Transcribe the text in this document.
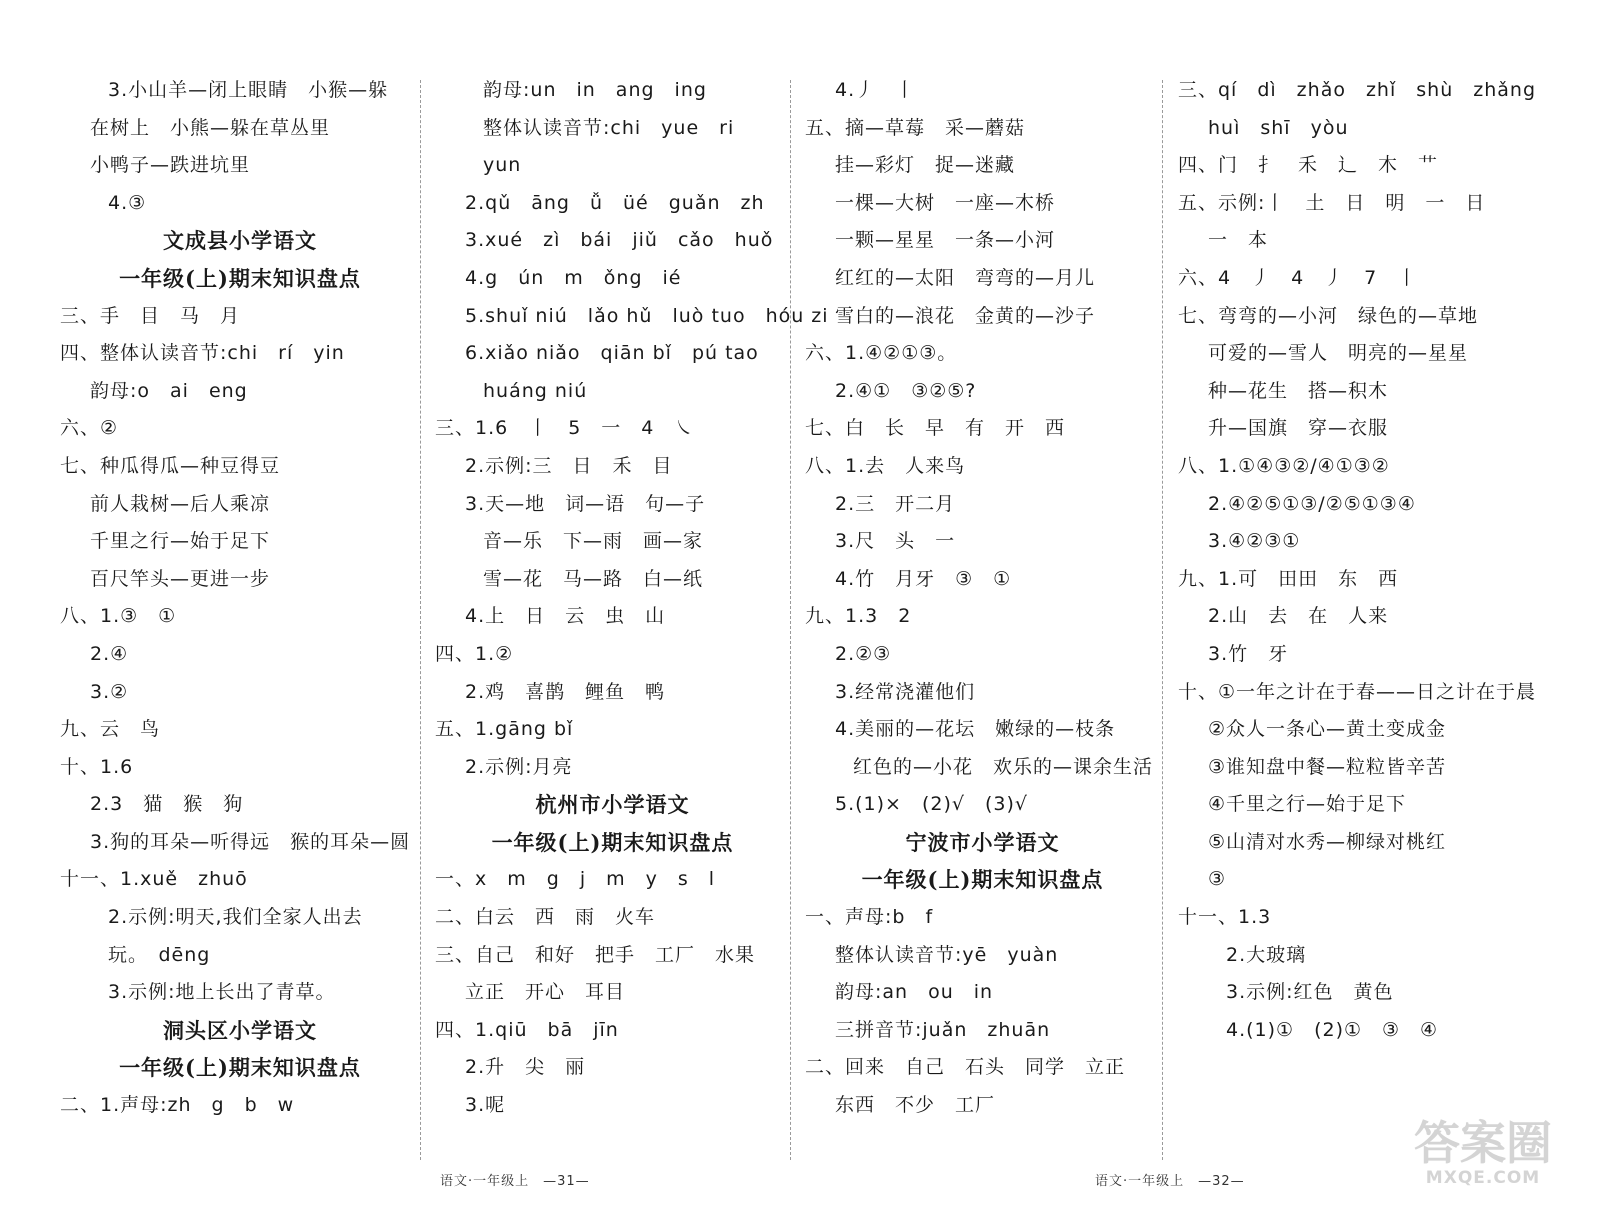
3.小山羊—闭上眼睛　小猴—躲
在树上　小熊—躲在草丛里
小鸭子—跌进坑里
4.③
文成县小学语文
一年级(上)期末知识盘点
三、手　目　马　月
四、整体认读音节:chi　rí　yin
韵母:o　ai　eng
六、②
七、种瓜得瓜—种豆得豆
前人栽树—后人乘凉
千里之行—始于足下
百尺竿头—更进一步
八、1.③　①
2.④
3.②
九、云　鸟
十、1.6
2.3　猫　猴　狗
3.狗的耳朵—听得远　猴的耳朵—圆
十一、1.xuě　zhuō
2.示例:明天,我们全家人出去
玩。　dēng
3.示例:地上长出了青草。
洞头区小学语文
一年级(上)期末知识盘点
二、1.声母:zh　g　b　w
韵母:un　in　ang　ing
整体认读音节:chi　yue　ri
yun
2.qǔ　āng　ǚ　üé　guǎn　zh
3.xué　zì　bái　jiǔ　cǎo　huǒ
4.g　ún　m　ǒng　ié
5.shuǐ niú　lǎo hǔ　luò tuo　hóu zi
6.xiǎo niǎo　qiān bǐ　pú tao
huáng niú
三、1.6　丨　5　一　4　㇏
2.示例:三　日　禾　目
3.天—地　词—语　句—子
音—乐　下—雨　画—家
雪—花　马—路　白—纸
4.上　日　云　虫　山
四、1.②
2.鸡　喜鹊　鲤鱼　鸭
五、1.gāng bǐ
2.示例:月亮
杭州市小学语文
一年级(上)期末知识盘点
一、x　m　g　j　m　y　s　l
二、白云　西　雨　火车
三、自己　和好　把手　工厂　水果
立正　开心　耳目
四、1.qiū　bā　jīn
2.升　尖　丽
3.呢
4.丿　丨
五、摘—草莓　采—蘑菇
挂—彩灯　捉—迷藏
一棵—大树　一座—木桥
一颗—星星　一条—小河
红红的—太阳　弯弯的—月儿
雪白的—浪花　金黄的—沙子
六、1.④②①③。
2.④①　③②⑤?
七、白　长　早　有　开　西
八、1.去　人来鸟
2.三　开二月
3.尺　头　一
4.竹　月牙　③　①
九、1.3　2
2.②③
3.经常浇灌他们
4.美丽的—花坛　嫩绿的—枝条
红色的—小花　欢乐的—课余生活
5.(1)×　(2)√　(3)√
宁波市小学语文
一年级(上)期末知识盘点
一、声母:b　f
整体认读音节:yē　yuàn
韵母:an　ou　in
三拼音节:juǎn　zhuān
二、回来　自己　石头　同学　立正
东西　不少　工厂
三、qí　dì　zhǎo　zhǐ　shù　zhǎng
huì　shī　yòu
四、门　扌　禾　辶　木　艹
五、示例:丨　土　日　明　一　日
一　本
六、4　丿　4　丿　7　丨
七、弯弯的—小河　绿色的—草地
可爱的—雪人　明亮的—星星
种—花生　搭—积木
升—国旗　穿—衣服
八、1.①④③②/④①③②
2.④②⑤①③/②⑤①③④
3.④②③①
九、1.可　田田　东　西
2.山　去　在　人来
3.竹　牙
十、①一年之计在于春——日之计在于晨
②众人一条心—黄土变成金
③谁知盘中餐—粒粒皆辛苦
④千里之行—始于足下
⑤山清对水秀—柳绿对桃红
③
十一、1.3
2.大玻璃
3.示例:红色　黄色
4.(1)①　(2)①　③　④
语文·一年级上　—31—	语文·一年级上　—32—
答案圈
MXQE.COM
